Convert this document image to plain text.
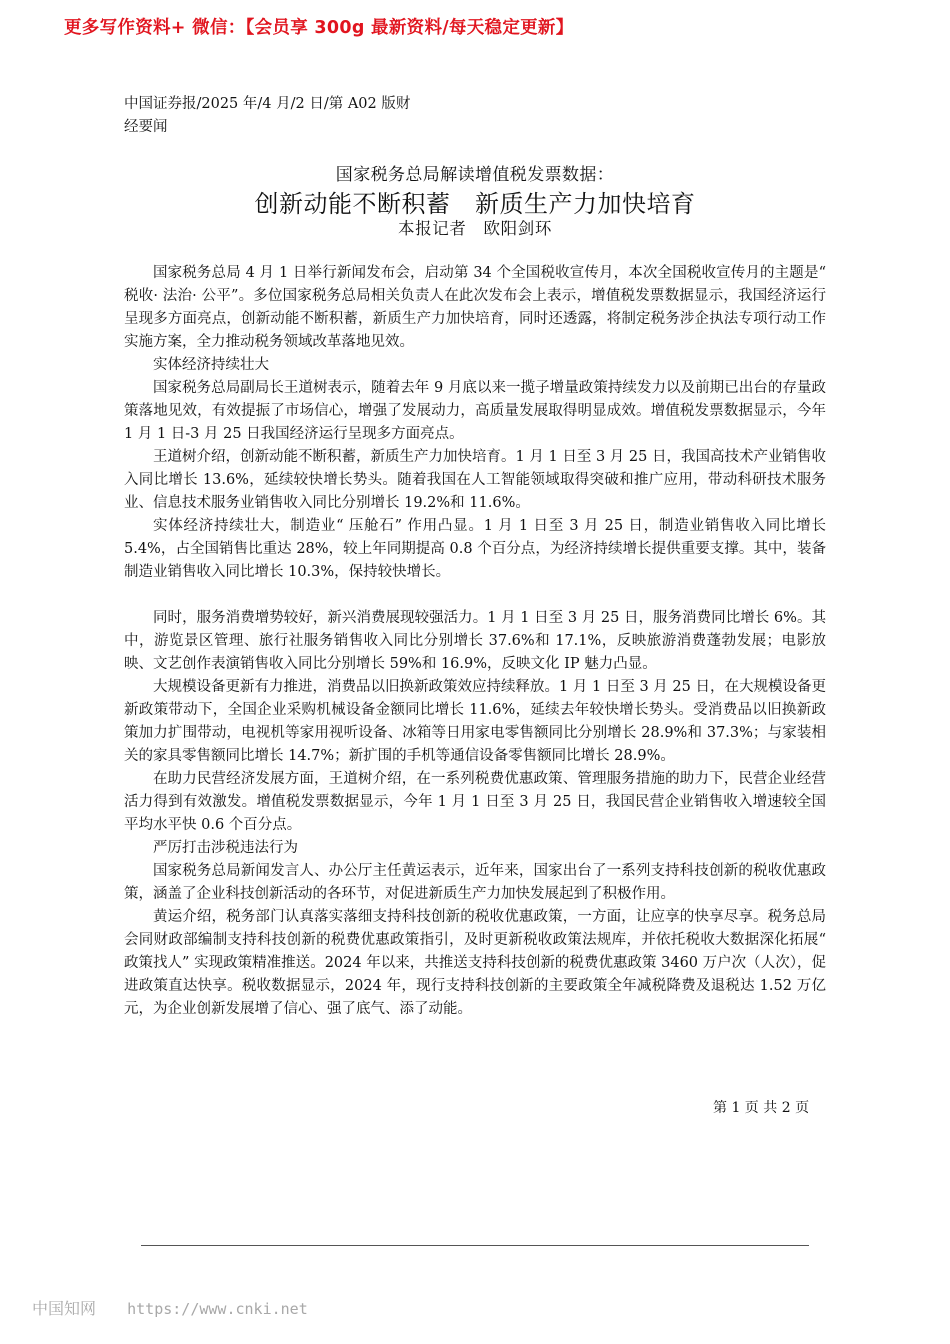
更多写作资料+ 微信：【会员享 300g 最新资料/每天稳定更新】
中国证券报/2025 年/4 月/2 日/第 A02 版财经要闻
国家税务总局解读增值税发票数据：
创新动能不断积蓄　新质生产力加快培育
本报记者　欧阳剑环

国家税务总局 4 月 1 日举行新闻发布会，启动第 34 个全国税收宣传月，本次全国税收宣传月的主题是“ 税收· 法治· 公平”。多位国家税务总局相关负责人在此次发布会上表示，增值税发票数据显示，我国经济运行呈现多方面亮点，创新动能不断积蓄，新质生产力加快培育，同时还透露，将制定税务涉企执法专项行动工作实施方案，全力推动税务领域改革落地见效。

实体经济持续壮大

国家税务总局副局长王道树表示，随着去年 9 月底以来一揽子增量政策持续发力以及前期已出台的存量政策落地见效，有效提振了市场信心，增强了发展动力，高质量发展取得明显成效。增值税发票数据显示，今年 1 月 1 日-3 月 25 日我国经济运行呈现多方面亮点。

王道树介绍，创新动能不断积蓄，新质生产力加快培育。1 月 1 日至 3 月 25 日，我国高技术产业销售收入同比增长 13.6%，延续较快增长势头。随着我国在人工智能领域取得突破和推广应用，带动科研技术服务业、信息技术服务业销售收入同比分别增长 19.2%和 11.6%。

实体经济持续壮大，制造业“ 压舱石” 作用凸显。1 月 1 日至 3 月 25 日，制造业销售收入同比增长 5.4%，占全国销售比重达 28%，较上年同期提高 0.8 个百分点，为经济持续增长提供重要支撑。其中，装备制造业销售收入同比增长 10.3%，保持较快增长。

同时，服务消费增势较好，新兴消费展现较强活力。1 月 1 日至 3 月 25 日，服务消费同比增长 6%。其中，游览景区管理、旅行社服务销售收入同比分别增长 37.6%和 17.1%，反映旅游消费蓬勃发展；电影放映、文艺创作表演销售收入同比分别增长 59%和 16.9%，反映文化 IP 魅力凸显。

大规模设备更新有力推进，消费品以旧换新政策效应持续释放。1 月 1 日至 3 月 25 日，在大规模设备更新政策带动下，全国企业采购机械设备金额同比增长 11.6%，延续去年较快增长势头。受消费品以旧换新政策加力扩围带动，电视机等家用视听设备、冰箱等日用家电零售额同比分别增长 28.9%和 37.3%；与家装相关的家具零售额同比增长 14.7%；新扩围的手机等通信设备零售额同比增长 28.9%。

在助力民营经济发展方面，王道树介绍，在一系列税费优惠政策、管理服务措施的助力下，民营企业经营活力得到有效激发。增值税发票数据显示，今年 1 月 1 日至 3 月 25 日，我国民营企业销售收入增速较全国平均水平快 0.6 个百分点。

严厉打击涉税违法行为

国家税务总局新闻发言人、办公厅主任黄运表示，近年来，国家出台了一系列支持科技创新的税收优惠政策，涵盖了企业科技创新活动的各环节，对促进新质生产力加快发展起到了积极作用。

黄运介绍，税务部门认真落实落细支持科技创新的税收优惠政策，一方面，让应享的快享尽享。税务总局会同财政部编制支持科技创新的税费优惠政策指引，及时更新税收政策法规库，并依托税收大数据深化拓展“ 政策找人” 实现政策精准推送。2024 年以来，共推送支持科技创新的税费优惠政策 3460 万户次（人次），促进政策直达快享。税收数据显示，2024 年，现行支持科技创新的主要政策全年减税降费及退税达 1.52 万亿元，为企业创新发展增了信心、强了底气、添了动能。

第 1 页 共 2 页
中国知网 https://www.cnki.net
